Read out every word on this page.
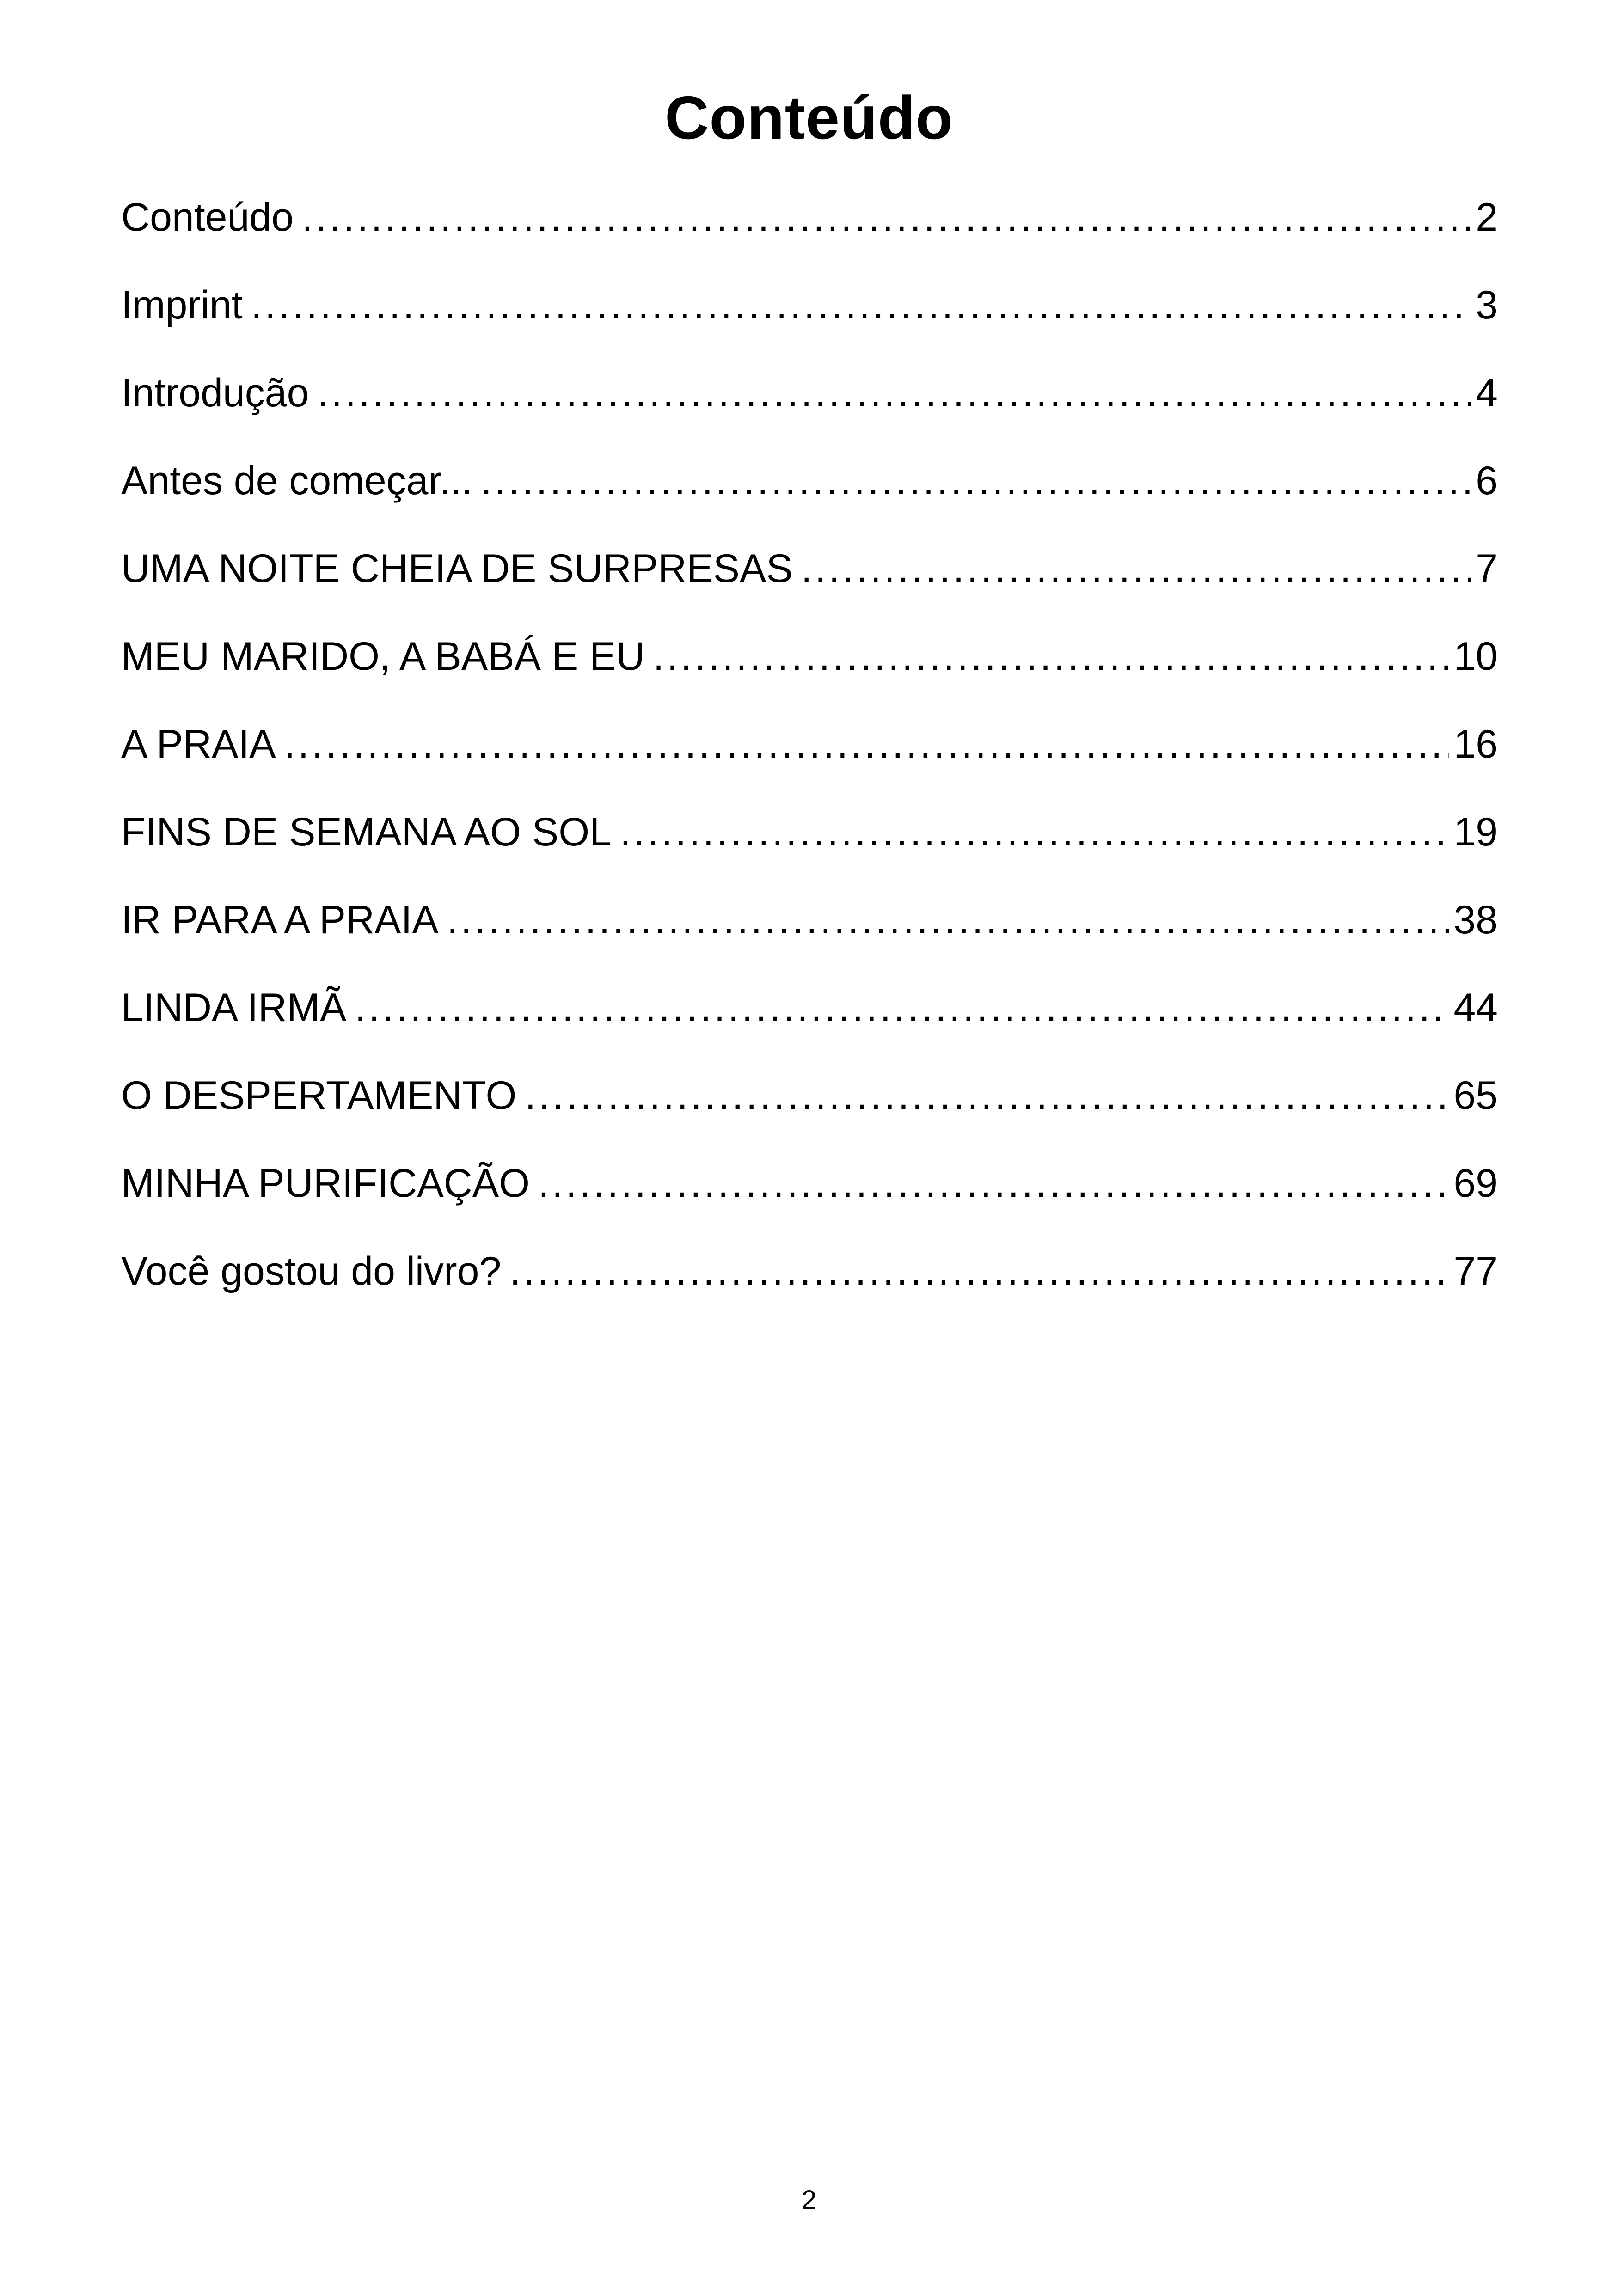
Conteúdo
Conteúdo .....	2
Imprint .....	3
Introdução .....	4
Antes de começar... .....	6
UMA NOITE CHEIA DE SURPRESAS .....	7
MEU MARIDO, A BABÁ E EU .....	10
A PRAIA .....	16
FINS DE SEMANA AO SOL .....	19
IR PARA A PRAIA .....	38
LINDA IRMÃ .....	44
O DESPERTAMENTO .....	65
MINHA PURIFICAÇÃO .....	69
Você gostou do livro? .....	77
2
